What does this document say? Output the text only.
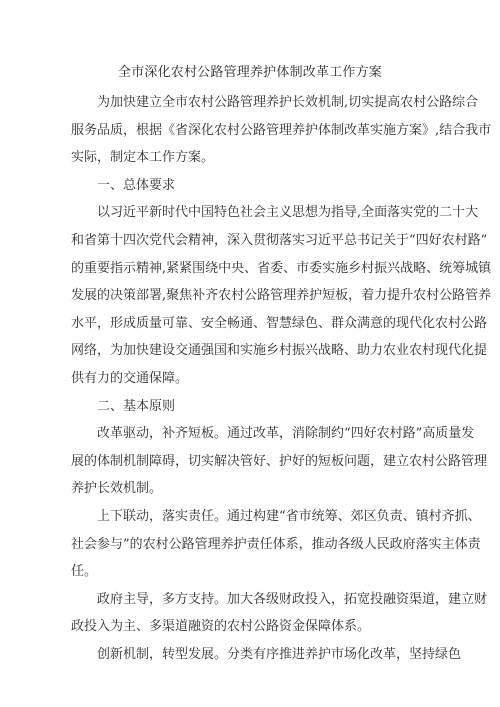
全市深化农村公路管理养护体制改革工作方案
为加快建立全市农村公路管理养护长效机制,切实提高农村公路综合
服务品质，根据《省深化农村公路管理养护体制改革实施方案》,结合我市
实际，制定本工作方案。
一、总体要求
以习近平新时代中国特色社会主义思想为指导,全面落实党的二十大
和省第十四次党代会精神，深入贯彻落实习近平总书记关于“四好农村路”
的重要指示精神,紧紧围绕中央、省委、市委实施乡村振兴战略、统筹城镇
发展的决策部署,聚焦补齐农村公路管理养护短板，着力提升农村公路管养
水平，形成质量可靠、安全畅通、智慧绿色、群众满意的现代化农村公路
网络，为加快建设交通强国和实施乡村振兴战略、助力农业农村现代化提
供有力的交通保障。
二、基本原则
改革驱动，补齐短板。通过改革，消除制约“四好农村路”高质量发
展的体制机制障碍，切实解决管好、护好的短板问题，建立农村公路管理
养护长效机制。
上下联动，落实责任。通过构建“省市统筹、郊区负责、镇村齐抓、
社会参与”的农村公路管理养护责任体系，推动各级人民政府落实主体责
任。
政府主导，多方支持。加大各级财政投入，拓宽投融资渠道，建立财
政投入为主、多渠道融资的农村公路资金保障体系。
创新机制，转型发展。分类有序推进养护市场化改革，坚持绿色
